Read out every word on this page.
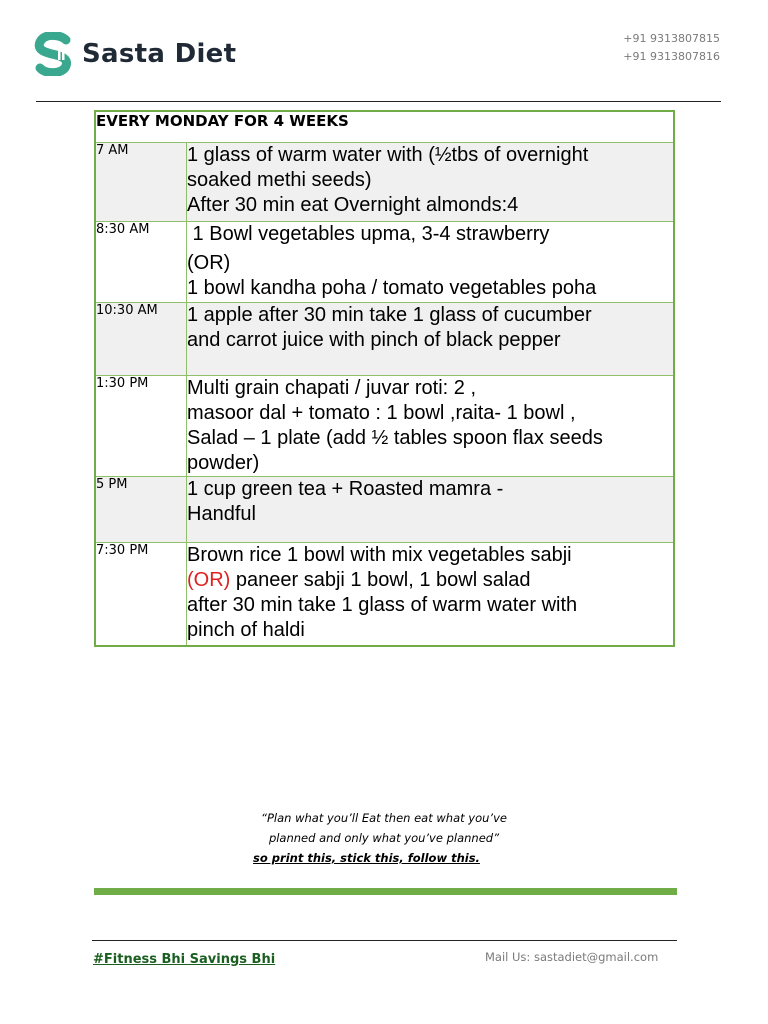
Sasta Diet
+91 9313807815
+91 9313807816
EVERY MONDAY FOR 4 WEEKS	
7 AM	1 glass of warm water with (½tbs of overnight
soaked methi seeds)
After 30 min eat Overnight almonds:4

8:30 AM	1 Bowl vegetables upma, 3-4 strawberry
(OR)
1 bowl kandha poha / tomato vegetables poha

10:30 AM	1 apple after 30 min take 1 glass of cucumber
and carrot juice with pinch of black pepper

1:30 PM	Multi grain chapati / juvar roti: 2 ,
masoor dal + tomato : 1 bowl ,raita- 1 bowl ,
Salad – 1 plate (add ½ tables spoon flax seeds
powder)

5 PM	1 cup green tea + Roasted mamra -
Handful

7:30 PM	Brown rice 1 bowl with mix vegetables sabji
(OR) paneer sabji 1 bowl, 1 bowl salad
after 30 min take 1 glass of warm water with
pinch of haldi
“Plan what you’ll Eat then eat what you’ve
planned and only what you’ve planned”
so print this, stick this, follow this.
#Fitness Bhi Savings Bhi	Mail Us: sastadiet@gmail.com
